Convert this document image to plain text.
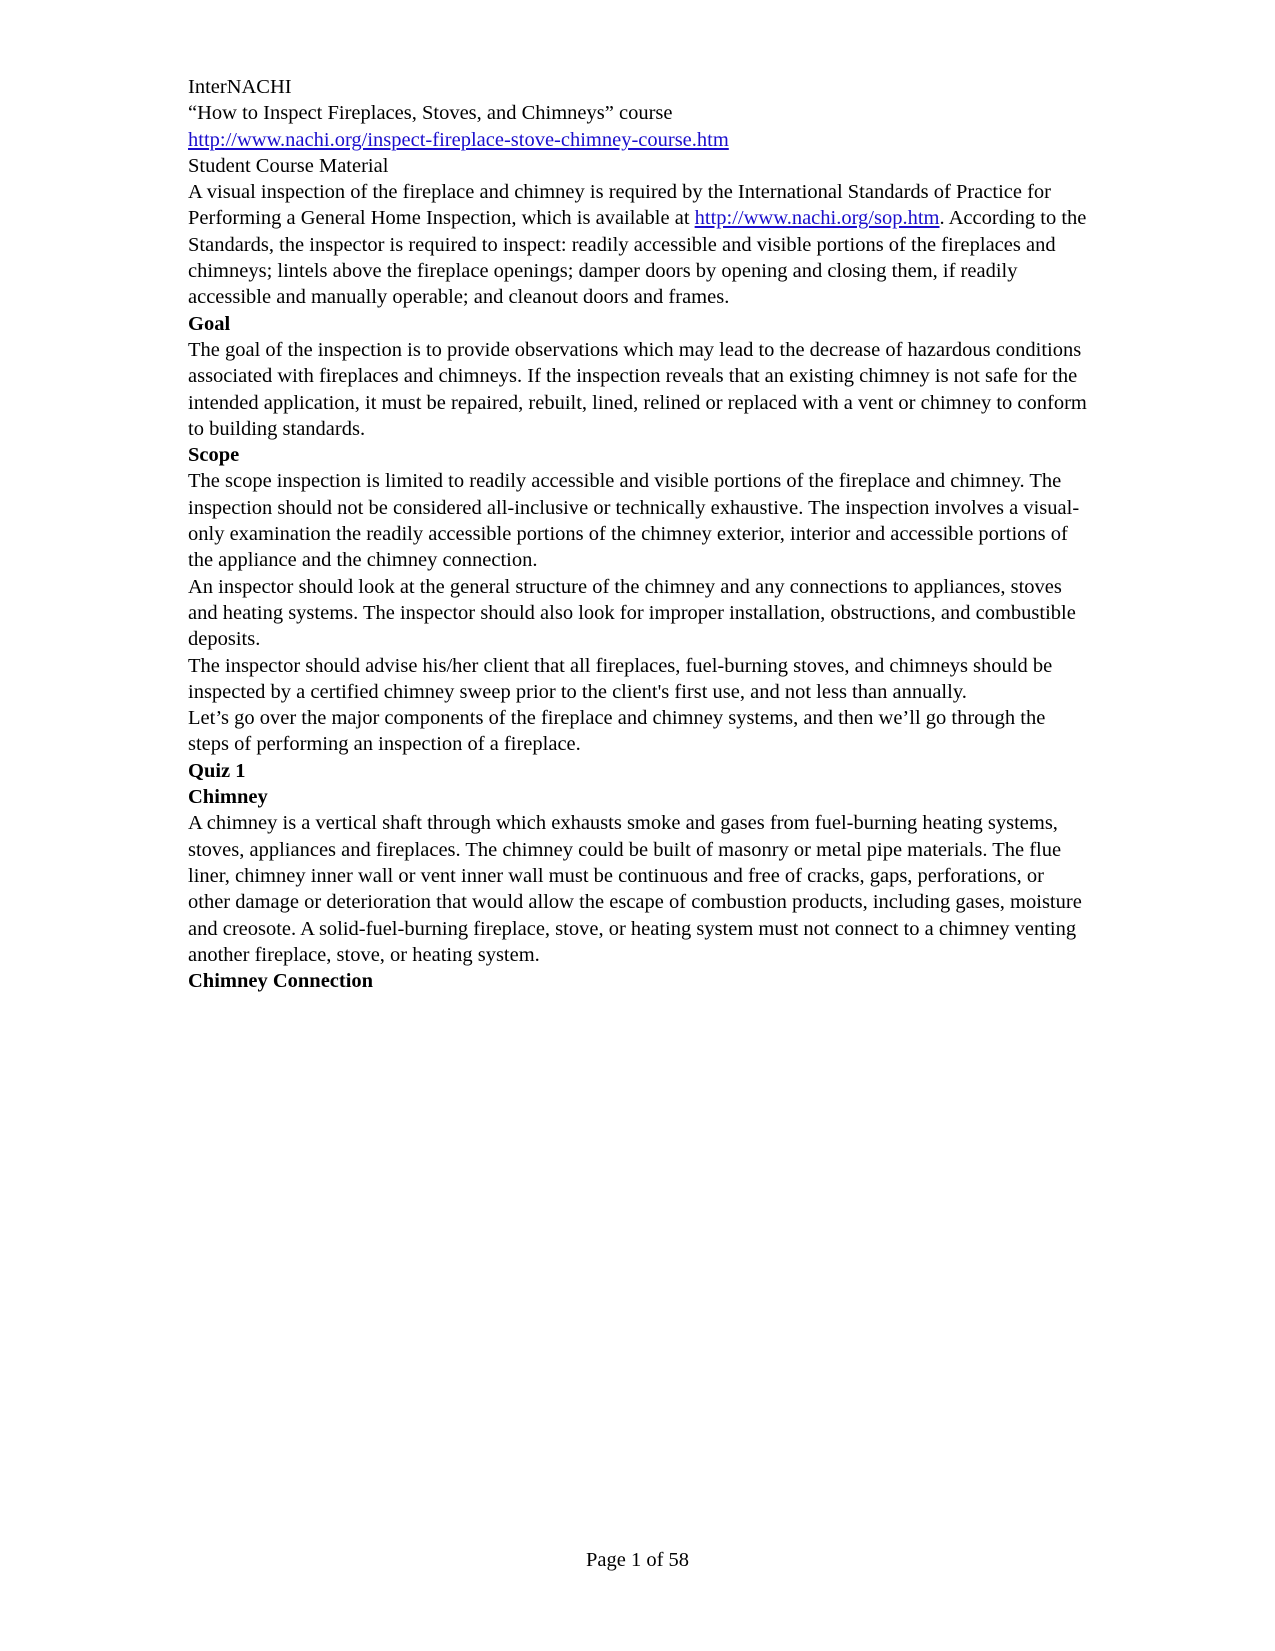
InterNACHI

“How to Inspect Fireplaces, Stoves, and Chimneys” course

http://www.nachi.org/inspect-fireplace-stove-chimney-course.htm

Student Course Material

A visual inspection of the fireplace and chimney is required by the International Standards of Practice for Performing a General Home Inspection, which is available at http://www.nachi.org/sop.htm. According to the Standards, the inspector is required to inspect: readily accessible and visible portions of the fireplaces and chimneys; lintels above the fireplace openings; damper doors by opening and closing them, if readily accessible and manually operable; and cleanout doors and frames.

Goal

The goal of the inspection is to provide observations which may lead to the decrease of hazardous conditions associated with fireplaces and chimneys. If the inspection reveals that an existing chimney is not safe for the intended application, it must be repaired, rebuilt, lined, relined or replaced with a vent or chimney to conform to building standards.

Scope

The scope inspection is limited to readily accessible and visible portions of the fireplace and chimney. The inspection should not be considered all-inclusive or technically exhaustive. The inspection involves a visual-only examination the readily accessible portions of the chimney exterior, interior and accessible portions of the appliance and the chimney connection.

An inspector should look at the general structure of the chimney and any connections to appliances, stoves and heating systems. The inspector should also look for improper installation, obstructions, and combustible deposits.

The inspector should advise his/her client that all fireplaces, fuel-burning stoves, and chimneys should be inspected by a certified chimney sweep prior to the client's first use, and not less than annually.

Let’s go over the major components of the fireplace and chimney systems, and then we’ll go through the steps of performing an inspection of a fireplace.

Quiz 1
Chimney

A chimney is a vertical shaft through which exhausts smoke and gases from fuel-burning heating systems, stoves, appliances and fireplaces. The chimney could be built of masonry or metal pipe materials. The flue liner, chimney inner wall or vent inner wall must be continuous and free of cracks, gaps, perforations, or other damage or deterioration that would allow the escape of combustion products, including gases, moisture and creosote. A solid-fuel-burning fireplace, stove, or heating system must not connect to a chimney venting another fireplace, stove, or heating system.

Chimney Connection
Page 1 of 58
